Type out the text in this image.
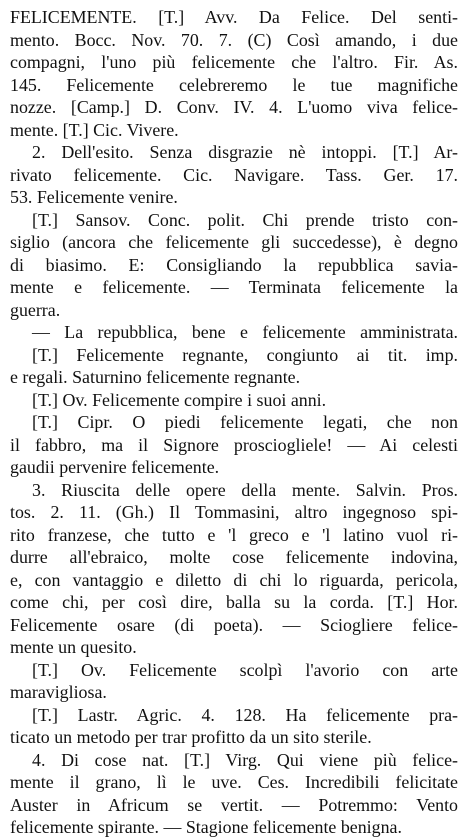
FELICEMENTE. [T.] Avv. Da Felice. Del senti-
mento. Bocc. Nov. 70. 7. (C) Così amando, i due
compagni, l'uno più felicemente che l'altro. Fir. As.
145. Felicemente celebreremo le tue magnifiche
nozze. [Camp.] D. Conv. IV. 4. L'uomo viva felice-
mente. [T.] Cic. Vivere.
2. Dell'esito. Senza disgrazie nè intoppi. [T.] Ar-
rivato felicemente. Cic. Navigare. Tass. Ger. 17.
53. Felicemente venire.
[T.] Sansov. Conc. polit. Chi prende tristo con-
siglio (ancora che felicemente gli succedesse), è degno
di biasimo. E: Consigliando la repubblica savia-
mente e felicemente. — Terminata felicemente la
guerra.
— La repubblica, bene e felicemente amministrata.
[T.] Felicemente regnante, congiunto ai tit. imp.
e regali. Saturnino felicemente regnante.
[T.] Ov. Felicemente compire i suoi anni.
[T.] Cipr. O piedi felicemente legati, che non
il fabbro, ma il Signore prosciogliele! — Ai celesti
gaudii pervenire felicemente.
3. Riuscita delle opere della mente. Salvin. Pros.
tos. 2. 11. (Gh.) Il Tommasini, altro ingegnoso spi-
rito franzese, che tutto e 'l greco e 'l latino vuol ri-
durre all'ebraico, molte cose felicemente indovina,
e, con vantaggio e diletto di chi lo riguarda, pericola,
come chi, per così dire, balla su la corda. [T.] Hor.
Felicemente osare (di poeta). — Sciogliere felice-
mente un quesito.
[T.] Ov. Felicemente scolpì l'avorio con arte
maravigliosa.
[T.] Lastr. Agric. 4. 128. Ha felicemente pra-
ticato un metodo per trar profitto da un sito sterile.
4. Di cose nat. [T.] Virg. Qui viene più felice-
mente il grano, lì le uve. Ces. Incredibili felicitate
Auster in Africum se vertit. — Potremmo: Vento
felicemente spirante. — Stagione felicemente benigna.
